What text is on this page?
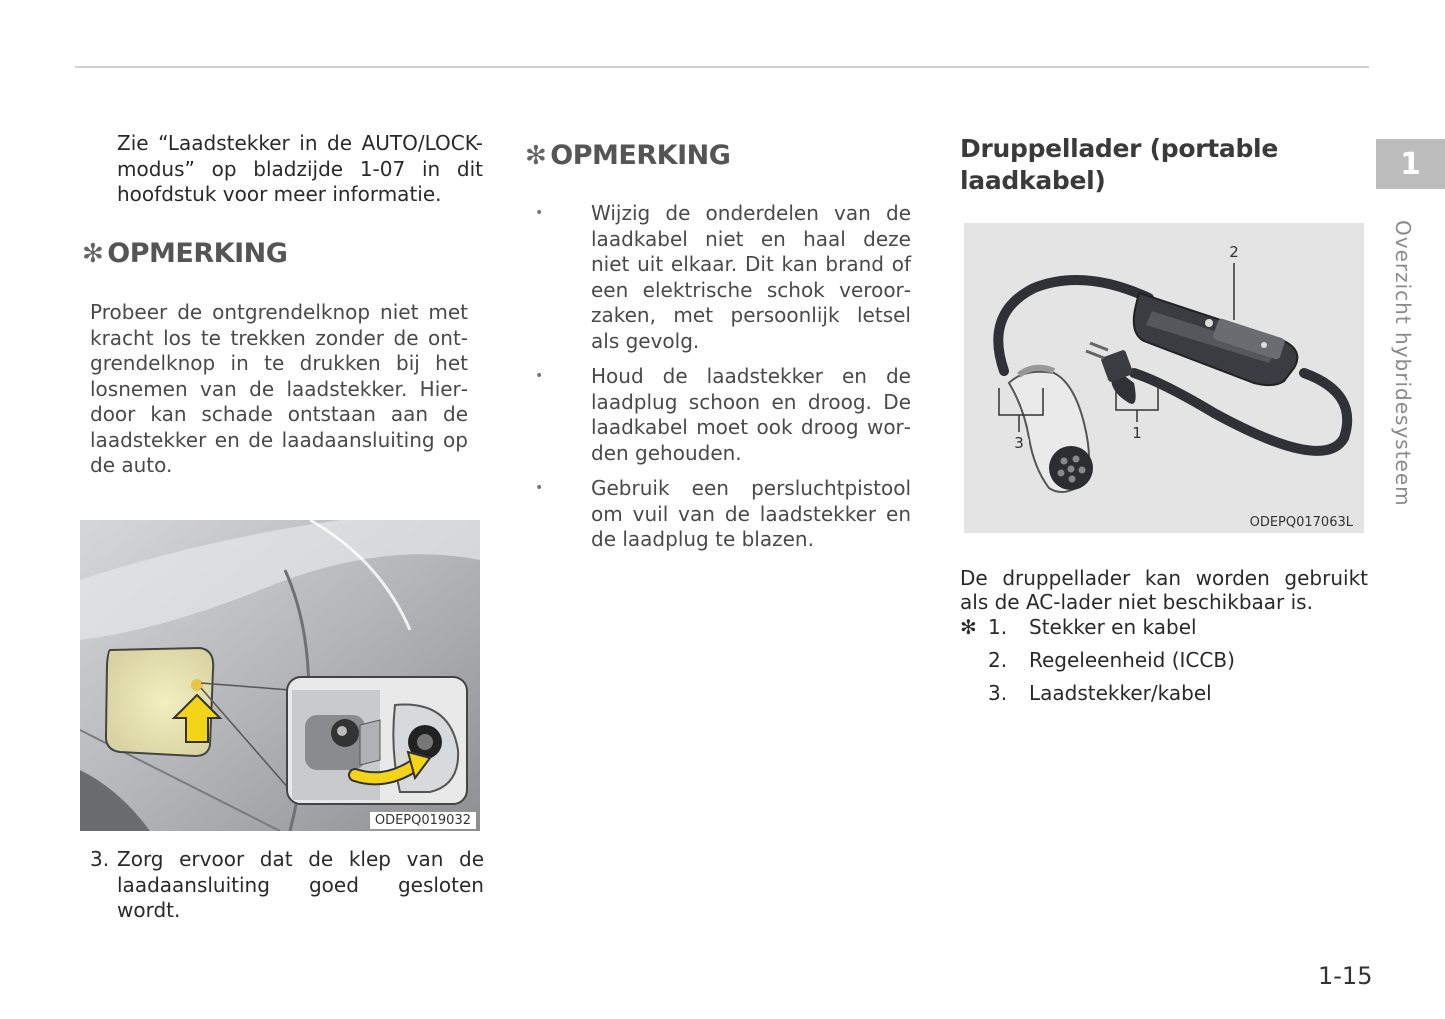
Zie “Laadstekker in de AUTO/LOCK-modus” op bladzijde 1-07 in dit hoofdstuk voor meer informatie.
✻ OPMERKING
Probeer de ontgrendelknop niet met kracht los te trekken zonder de ontgrendelknop in te drukken bij het losnemen van de laadstekker. Hierdoor kan schade ontstaan aan de laadstekker en de laadaansluiting op de auto.
ODEPQ019032
3. Zorg ervoor dat de klep van de laadaansluiting goed gesloten wordt.
✻ OPMERKING
• Wijzig de onderdelen van de laadkabel niet en haal deze niet uit elkaar. Dit kan brand of een elektrische schok veroorzaken, met persoonlijk letsel als gevolg.
• Houd de laadstekker en de laadplug schoon en droog. De laadkabel moet ook droog worden gehouden.
• Gebruik een persluchtpistool om vuil van de laadstekker en de laadplug te blazen.
Druppellader (portable laadkabel)
2
1
3
ODEPQ017063L
De druppellader kan worden gebruikt als de AC-lader niet beschikbaar is.
✻ 1.	Stekker en kabel
2.	Regeleenheid (ICCB)
3.	Laadstekker/kabel
1
Overzicht hybridesysteem
1-15
